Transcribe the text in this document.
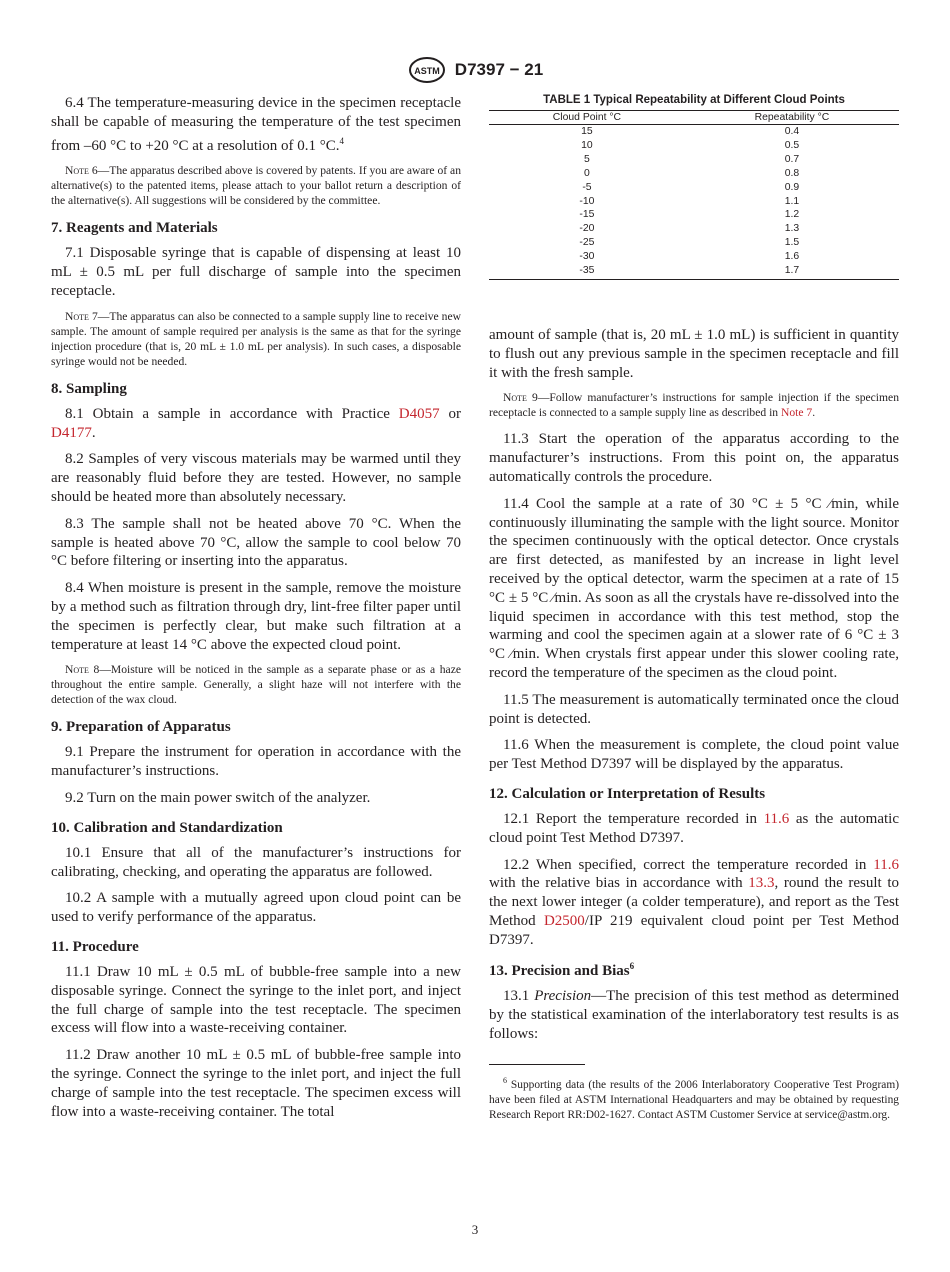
ASTM D7397 − 21

6.4 The temperature-measuring device in the specimen receptacle shall be capable of measuring the temperature of the test specimen from –60 °C to +20 °C at a resolution of 0.1 °C.$^4$

Note 6—The apparatus described above is covered by patents. If you are aware of an alternative(s) to the patented items, please attach to your ballot return a description of the alternative(s). All suggestions will be considered by the committee.

7. Reagents and Materials

7.1 Disposable syringe that is capable of dispensing at least 10 mL ± 0.5 mL per full discharge of sample into the specimen receptacle.

Note 7—The apparatus can also be connected to a sample supply line to receive new sample. The amount of sample required per analysis is the same as that for the syringe injection procedure (that is, 20 mL ± 1.0 mL per analysis). In such cases, a disposable syringe would not be needed.

8. Sampling

8.1 Obtain a sample in accordance with Practice D4057 or D4177.

8.2 Samples of very viscous materials may be warmed until they are reasonably fluid before they are tested. However, no sample should be heated more than absolutely necessary.

8.3 The sample shall not be heated above 70 °C. When the sample is heated above 70 °C, allow the sample to cool below 70 °C before filtering or inserting into the apparatus.

8.4 When moisture is present in the sample, remove the moisture by a method such as filtration through dry, lint-free filter paper until the specimen is perfectly clear, but make such filtration at a temperature at least 14 °C above the expected cloud point.

Note 8—Moisture will be noticed in the sample as a separate phase or as a haze throughout the entire sample. Generally, a slight haze will not interfere with the detection of the wax cloud.

9. Preparation of Apparatus

9.1 Prepare the instrument for operation in accordance with the manufacturer’s instructions.

9.2 Turn on the main power switch of the analyzer.

10. Calibration and Standardization

10.1 Ensure that all of the manufacturer’s instructions for calibrating, checking, and operating the apparatus are followed.

10.2 A sample with a mutually agreed upon cloud point can be used to verify performance of the apparatus.

11. Procedure

11.1 Draw 10 mL ± 0.5 mL of bubble-free sample into a new disposable syringe. Connect the syringe to the inlet port, and inject the full charge of sample into the test receptacle. The specimen excess will flow into a waste-receiving container.

11.2 Draw another 10 mL ± 0.5 mL of bubble-free sample into the syringe. Connect the syringe to the inlet port, and inject the full charge of sample into the test receptacle. The specimen excess will flow into a waste-receiving container. The total

TABLE 1 Typical Repeatability at Different Cloud Points
Cloud Point °C	Repeatability °C
15	0.4
10	0.5
5	0.7
0	0.8
-5	0.9
-10	1.1
-15	1.2
-20	1.3
-25	1.5
-30	1.6
-35	1.7

amount of sample (that is, 20 mL ± 1.0 mL) is sufficient in quantity to flush out any previous sample in the specimen receptacle and fill it with the fresh sample.

Note 9—Follow manufacturer’s instructions for sample injection if the specimen receptacle is connected to a sample supply line as described in Note 7.

11.3 Start the operation of the apparatus according to the manufacturer’s instructions. From this point on, the apparatus automatically controls the procedure.

11.4 Cool the sample at a rate of 30 °C ± 5 °C ⁄min, while continuously illuminating the sample with the light source. Monitor the specimen continuously with the optical detector. Once crystals are first detected, as manifested by an increase in light level received by the optical detector, warm the specimen at a rate of 15 °C ± 5 °C ⁄min. As soon as all the crystals have re-dissolved into the liquid specimen in accordance with this test method, stop the warming and cool the specimen again at a slower rate of 6 °C ± 3 °C ⁄min. When crystals first appear under this slower cooling rate, record the temperature of the specimen as the cloud point.

11.5 The measurement is automatically terminated once the cloud point is detected.

11.6 When the measurement is complete, the cloud point value per Test Method D7397 will be displayed by the apparatus.

12. Calculation or Interpretation of Results

12.1 Report the temperature recorded in 11.6 as the automatic cloud point Test Method D7397.

12.2 When specified, correct the temperature recorded in 11.6 with the relative bias in accordance with 13.3, round the result to the next lower integer (a colder temperature), and report as the Test Method D2500/IP 219 equivalent cloud point per Test Method D7397.

13. Precision and Bias$^6$

13.1 Precision—The precision of this test method as determined by the statistical examination of the interlaboratory test results is as follows:

$^6$ Supporting data (the results of the 2006 Interlaboratory Cooperative Test Program) have been filed at ASTM International Headquarters and may be obtained by requesting Research Report RR:D02-1627. Contact ASTM Customer Service at service@astm.org.

3
